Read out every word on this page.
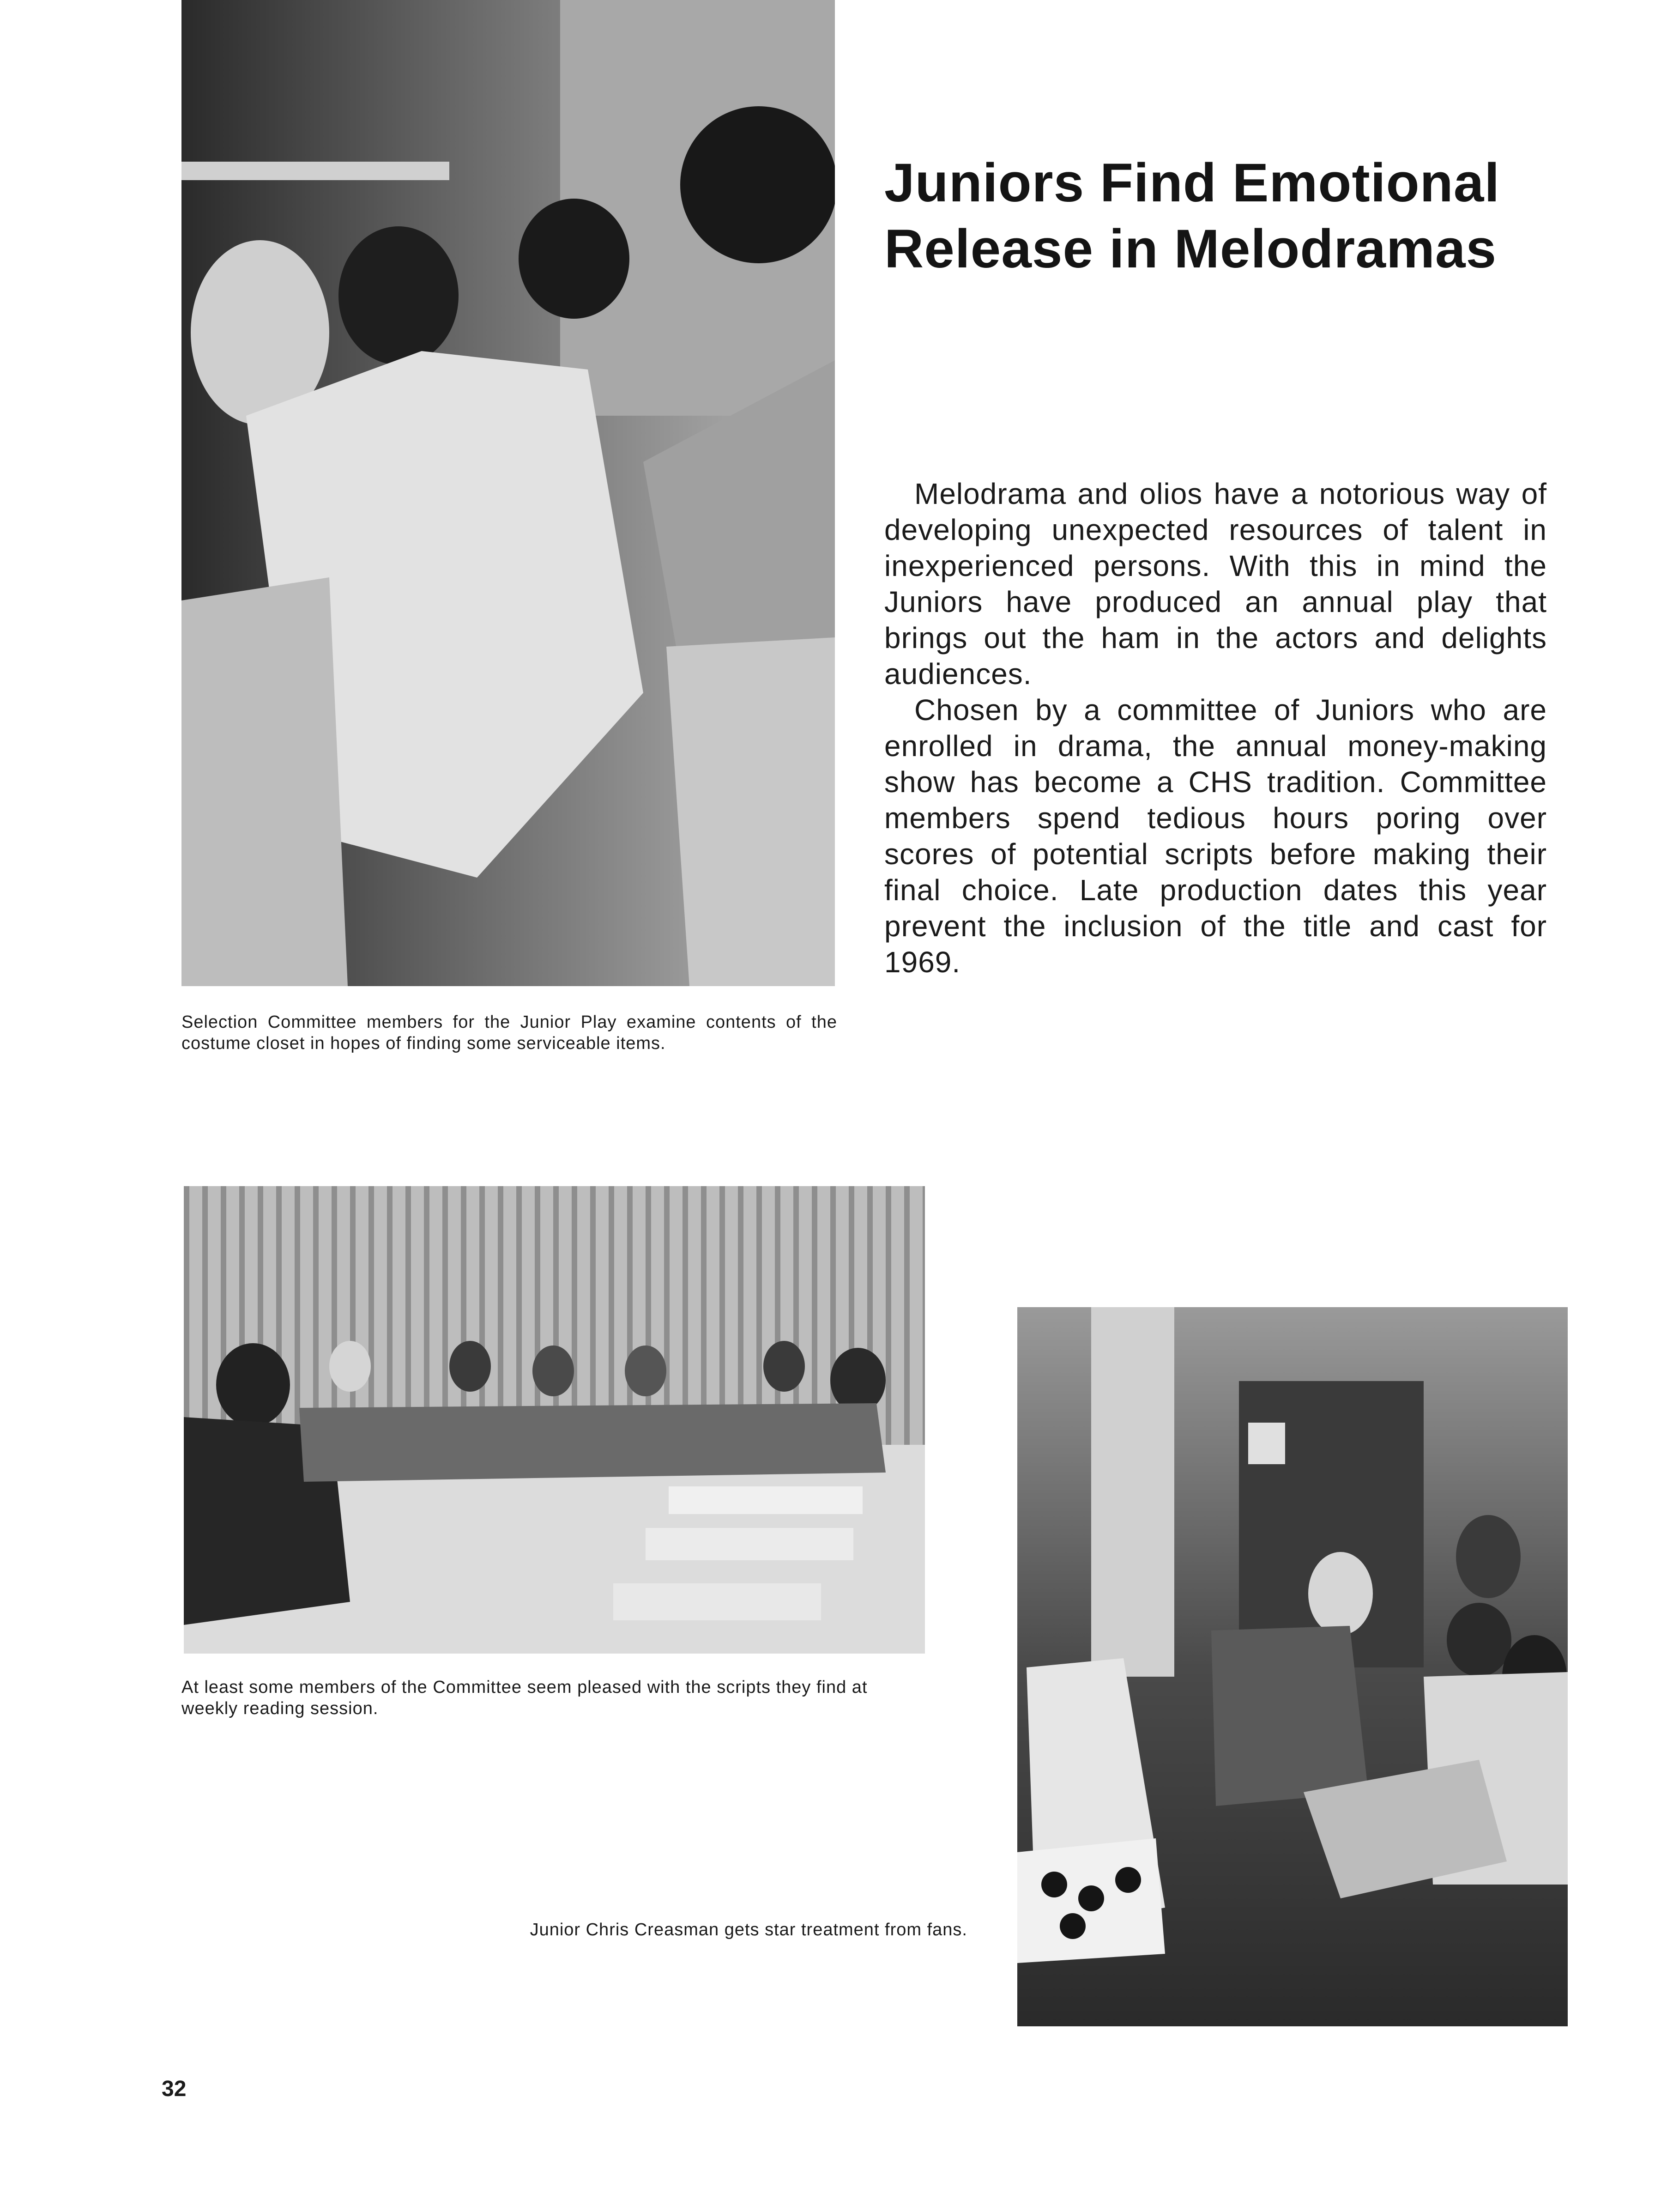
Juniors Find Emotional
Release in Melodramas

Melodrama and olios have a notorious way of developing unexpected resources of talent in inexperienced persons. With this in mind the Juniors have produced an annual play that brings out the ham in the actors and delights audiences.

Chosen by a committee of Juniors who are enrolled in drama, the annual money-making show has become a CHS tradition. Committee members spend tedious hours poring over scores of potential scripts before making their final choice. Late production dates this year prevent the inclusion of the title and cast for 1969.

Selection Committee members for the Junior Play examine contents of the costume closet in hopes of finding some serviceable items.

At least some members of the Committee seem pleased with the scripts they find at weekly reading session.

Junior Chris Creasman gets star treatment from fans.

32
